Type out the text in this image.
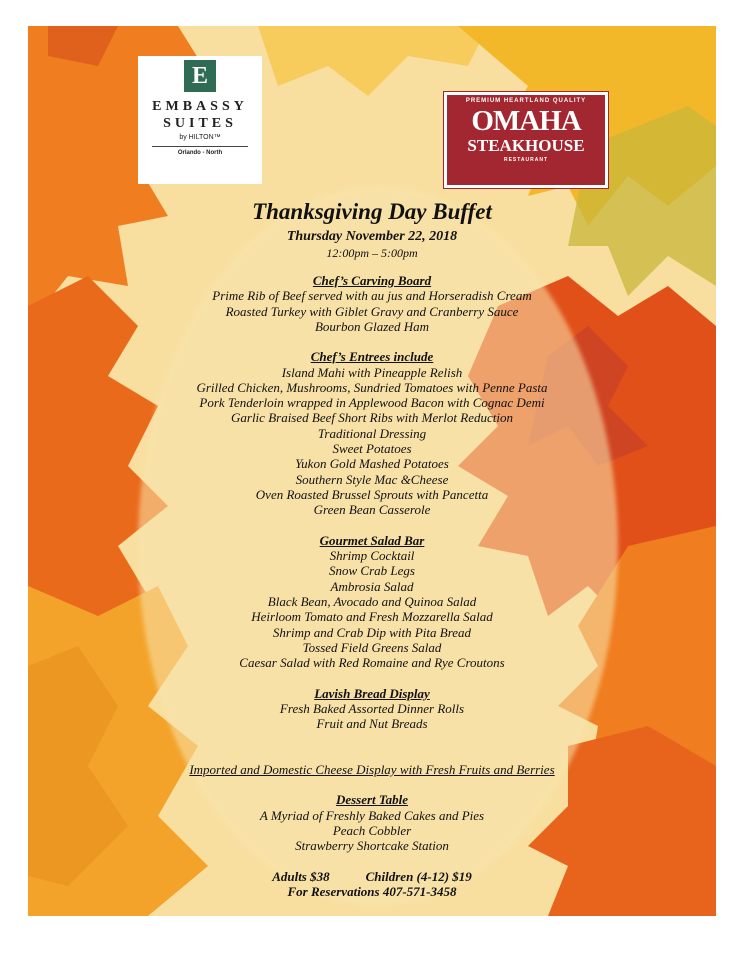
E
EMBASSY
SUITES
by HILTON™
Orlando - North
PREMIUM HEARTLAND QUALITY
OMAHA
STEAKHOUSE
RESTAURANT
Thanksgiving Day Buffet
Thursday November 22, 2018
12:00pm – 5:00pm
Chef’s Carving Board
Prime Rib of Beef served with au jus and Horseradish Cream
Roasted Turkey with Giblet Gravy and Cranberry Sauce
Bourbon Glazed Ham
Chef’s Entrees include
Island Mahi with Pineapple Relish
Grilled Chicken, Mushrooms, Sundried Tomatoes with Penne Pasta
Pork Tenderloin wrapped in Applewood Bacon with Cognac Demi
Garlic Braised Beef Short Ribs with Merlot Reduction
Traditional Dressing
Sweet Potatoes
Yukon Gold Mashed Potatoes
Southern Style Mac &Cheese
Oven Roasted Brussel Sprouts with Pancetta
Green Bean Casserole
Gourmet Salad Bar
Shrimp Cocktail
Snow Crab Legs
Ambrosia Salad
Black Bean, Avocado and Quinoa Salad
Heirloom Tomato and Fresh Mozzarella Salad
Shrimp and Crab Dip with Pita Bread
Tossed Field Greens Salad
Caesar Salad with Red Romaine and Rye Croutons
Lavish Bread Display
Fresh Baked Assorted Dinner Rolls
Fruit and Nut Breads
Imported and Domestic Cheese Display with Fresh Fruits and Berries
Dessert Table
A Myriad of Freshly Baked Cakes and Pies
Peach Cobbler
Strawberry Shortcake Station
Adults $38	Children (4-12) $19
For Reservations 407-571-3458
